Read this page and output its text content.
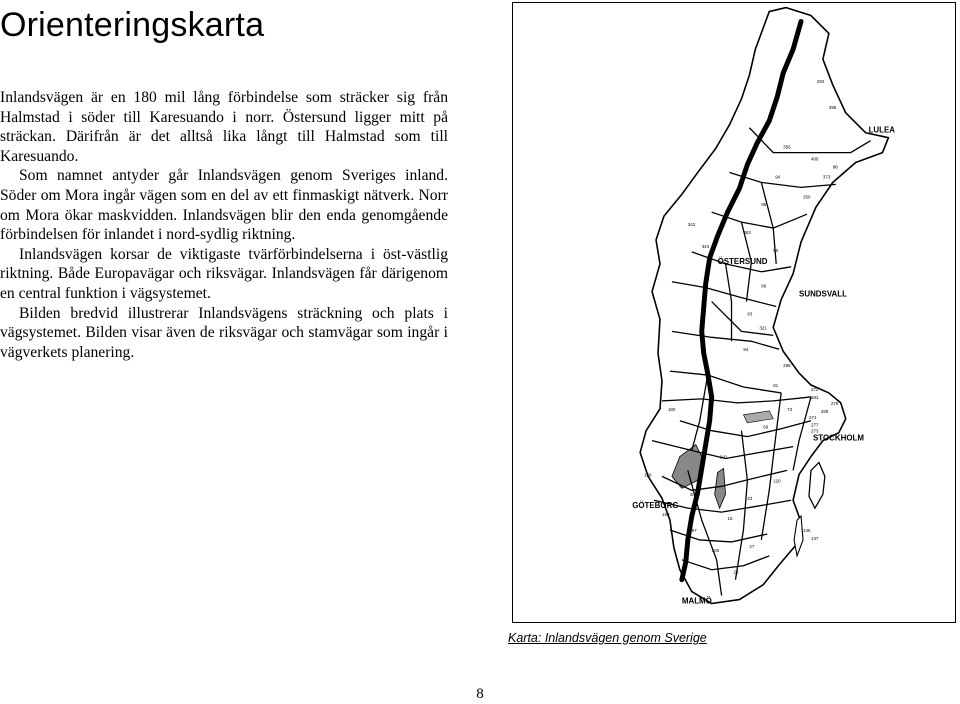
Orienteringskarta

Inlandsvägen är en 180 mil lång förbindelse som sträcker sig från Halmstad i söder till Karesuando i norr. Östersund ligger mitt på sträckan. Därifrån är det alltså lika långt till Halmstad som till Karesuando.

Som namnet antyder går Inlandsvägen genom Sveriges inland. Söder om Mora ingår vägen som en del av ett finmaskigt nätverk. Norr om Mora ökar maskvidden. Inlandsvägen blir den enda genomgående förbindelsen för inlandet i nord-sydlig riktning.

Inlandsvägen korsar de viktigaste tvärförbindelserna i öst-västlig riktning. Både Europavägar och riksvägar. Inlandsvägen får därigenom en central funktion i vägsystemet.

Bilden bredvid illustrerar Inlandsvägens sträckning och plats i vägsystemet. Bilden visar även de riksvägar och stamvägar som ingår i vägverkets planering.

LULEA
ÖSTERSUND
SUNDSVALL
STOCKHOLM
GÖTEBORG
MALMÖ
292
395
356
400
98
373
94
350
95
363
342
343
90
86
83
321
84
296
81
272
281
276
269
271
277
273
73
180
136
137
66
156
40
158
97
15
23
120
110
105
27
26
Karta: Inlandsvägen genom Sverige
8
